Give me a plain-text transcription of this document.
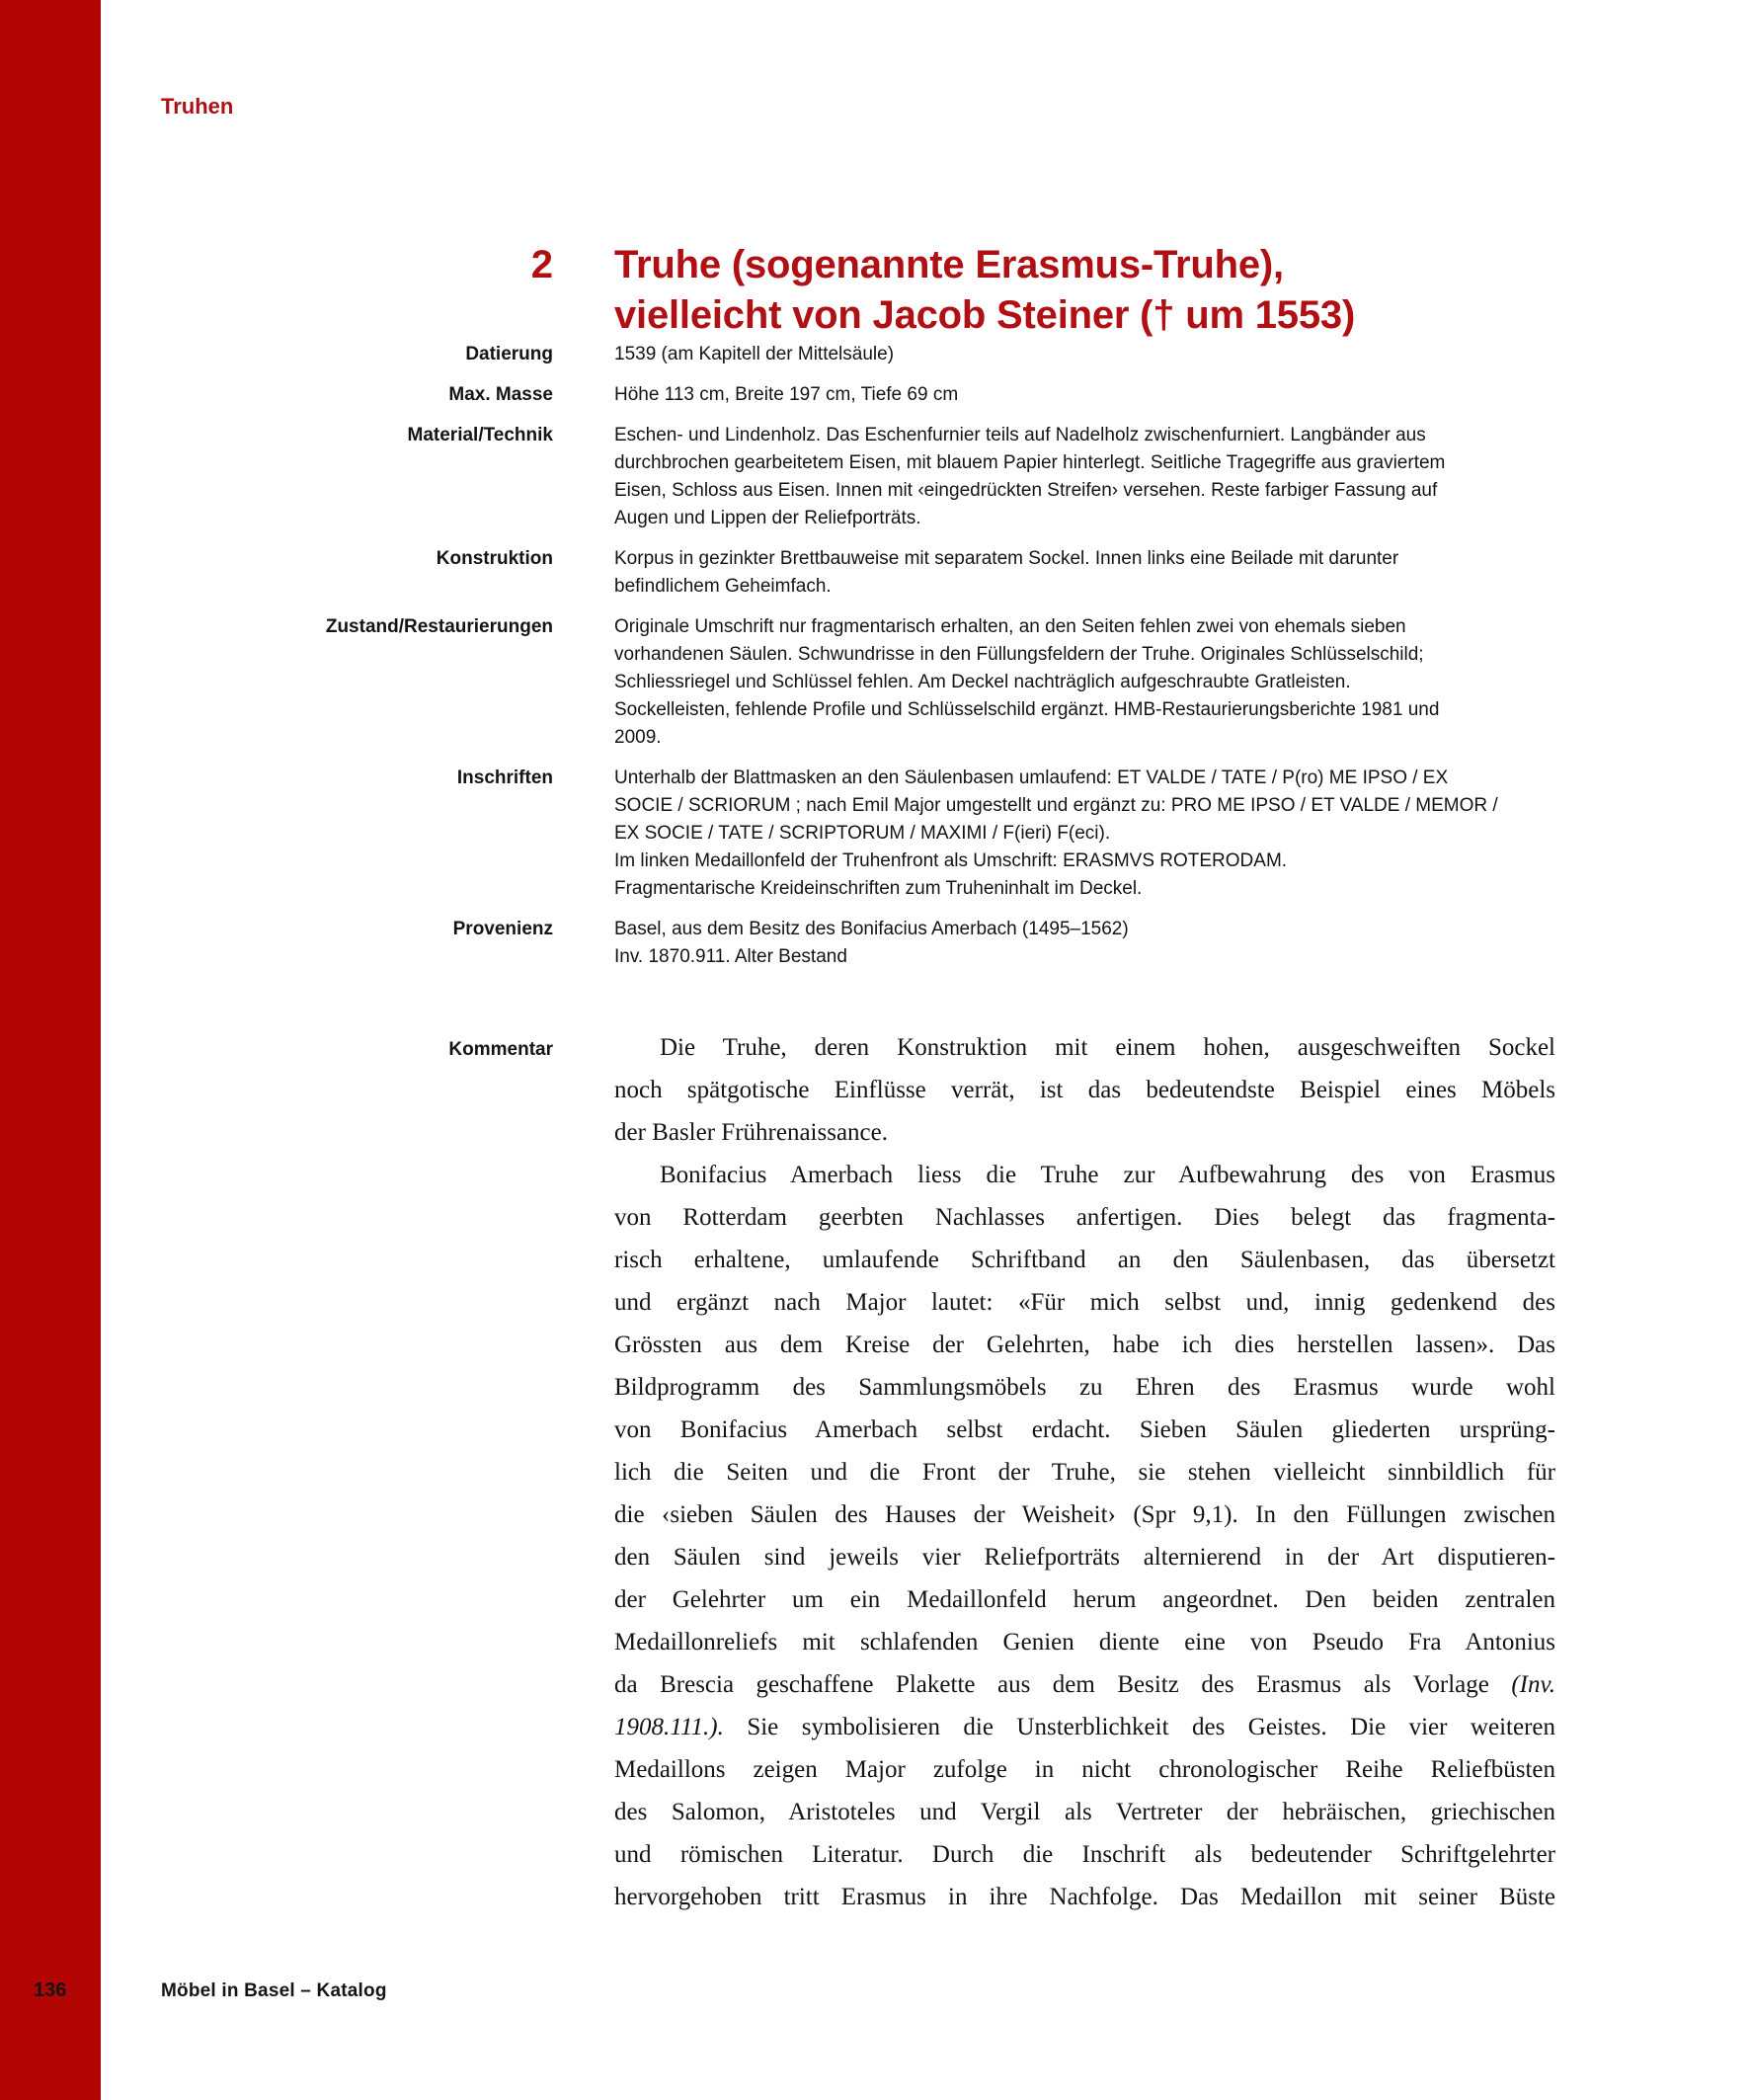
Truhen
2 Truhe (sogenannte Erasmus-Truhe),
vielleicht von Jacob Steiner († um 1553)
Datierung	1539 (am Kapitell der Mittelsäule)
Max. Masse	Höhe 113 cm, Breite 197 cm, Tiefe 69 cm
Material/Technik	Eschen- und Lindenholz. Das Eschenfurnier teils auf Nadelholz zwischenfurniert. Langbänder aus
durchbrochen gearbeitetem Eisen, mit blauem Papier hinterlegt. Seitliche Tragegriffe aus graviertem
Eisen, Schloss aus Eisen. Innen mit ‹eingedrückten Streifen› versehen. Reste farbiger Fassung auf
Augen und Lippen der Reliefporträts.
Konstruktion	Korpus in gezinkter Brettbauweise mit separatem Sockel. Innen links eine Beilade mit darunter
befindlichem Geheimfach.
Zustand/Restaurierungen	Originale Umschrift nur fragmentarisch erhalten, an den Seiten fehlen zwei von ehemals sieben
vorhandenen Säulen. Schwundrisse in den Füllungsfeldern der Truhe. Originales Schlüsselschild;
Schliessriegel und Schlüssel fehlen. Am Deckel nachträglich aufgeschraubte Gratleisten.
Sockelleisten, fehlende Profile und Schlüsselschild ergänzt. HMB-Restaurierungsberichte 1981 und
2009.
Inschriften	Unterhalb der Blattmasken an den Säulenbasen umlaufend: ET VALDE / TATE / P(ro) ME IPSO / EX
SOCIE / SCRIORUM ; nach Emil Major umgestellt und ergänzt zu: PRO ME IPSO / ET VALDE / MEMOR /
EX SOCIE / TATE / SCRIPTORUM / MAXIMI / F(ieri) F(eci).
Im linken Medaillonfeld der Truhenfront als Umschrift: ERASMVS ROTERODAM.
Fragmentarische Kreideinschriften zum Truheninhalt im Deckel.
Provenienz	Basel, aus dem Besitz des Bonifacius Amerbach (1495–1562)
Inv. 1870.911. Alter Bestand
Kommentar	Die Truhe, deren Konstruktion mit einem hohen, ausgeschweiften Sockel
noch spätgotische Einflüsse verrät, ist das bedeutendste Beispiel eines Möbels
der Basler Frührenaissance.
Bonifacius Amerbach liess die Truhe zur Aufbewahrung des von Erasmus
von Rotterdam geerbten Nachlasses anfertigen. Dies belegt das fragmenta-
risch erhaltene, umlaufende Schriftband an den Säulenbasen, das übersetzt
und ergänzt nach Major lautet: «Für mich selbst und, innig gedenkend des
Grössten aus dem Kreise der Gelehrten, habe ich dies herstellen lassen». Das
Bildprogramm des Sammlungsmöbels zu Ehren des Erasmus wurde wohl
von Bonifacius Amerbach selbst erdacht. Sieben Säulen gliederten ursprüng-
lich die Seiten und die Front der Truhe, sie stehen vielleicht sinnbildlich für
die ‹sieben Säulen des Hauses der Weisheit› (Spr 9,1). In den Füllungen zwischen
den Säulen sind jeweils vier Reliefporträts alternierend in der Art disputieren-
der Gelehrter um ein Medaillonfeld herum angeordnet. Den beiden zentralen
Medaillonreliefs mit schlafenden Genien diente eine von Pseudo Fra Antonius
da Brescia geschaffene Plakette aus dem Besitz des Erasmus als Vorlage (Inv.
1908.111.). Sie symbolisieren die Unsterblichkeit des Geistes. Die vier weiteren
Medaillons zeigen Major zufolge in nicht chronologischer Reihe Reliefbüsten
des Salomon, Aristoteles und Vergil als Vertreter der hebräischen, griechischen
und römischen Literatur. Durch die Inschrift als bedeutender Schriftgelehrter
hervorgehoben tritt Erasmus in ihre Nachfolge. Das Medaillon mit seiner Büste
136	Möbel in Basel – Katalog
